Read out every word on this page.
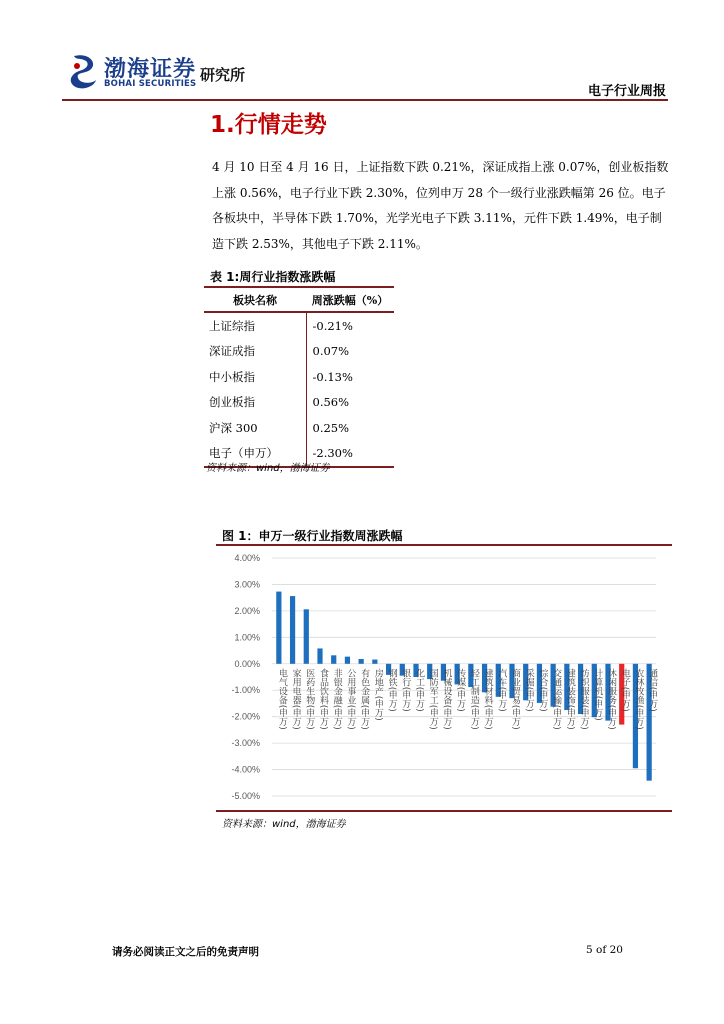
渤海证券
BOHAI SECURITIES 研究所
电子行业周报
1.行情走势
4 月 10 日至 4 月 16 日，上证指数下跌 0.21%，深证成指上涨 0.07%，创业板指数上涨 0.56%，电子行业下跌 2.30%，位列申万 28 个一级行业涨跌幅第 26 位。电子各板块中，半导体下跌 1.70%，光学光电子下跌 3.11%，元件下跌 1.49%，电子制造下跌 2.53%，其他电子下跌 2.11%。
表 1:周行业指数涨跌幅
板块名称	周涨跌幅（%）
上证综指	-0.21%
深证成指	0.07%
中小板指	-0.13%
创业板指	0.56%
沪深 300	0.25%
电子（申万）	-2.30%
资料来源：wind，渤海证券
图 1：申万一级行业指数周涨跌幅
4.00%
3.00%
2.00%
1.00%
0.00%
-1.00%
-2.00%
-3.00%
-4.00%
-5.00%
电气设备(申万) 家用电器(申万) 医药生物(申万) 食品饮料(申万) 非银金融(申万) 公用事业(申万) 有色金属(申万) 房地产(申万) 钢铁(申万) 银行(申万) 化工(申万) 国防军工(申万) 机械设备(申万) 传媒(申万) 轻工制造(申万) 建筑材料(申万) 汽车(申万) 商业贸易(申万) 采掘(申万) 综合(申万) 交通运输(申万) 建筑装饰(申万) 纺织服装(申万) 计算机(申万) 休闲服务(申万) 电子(申万) 农林牧渔(申万) 通信(申万)
资料来源：wind，渤海证券
请务必阅读正文之后的免责声明	5 of 20
